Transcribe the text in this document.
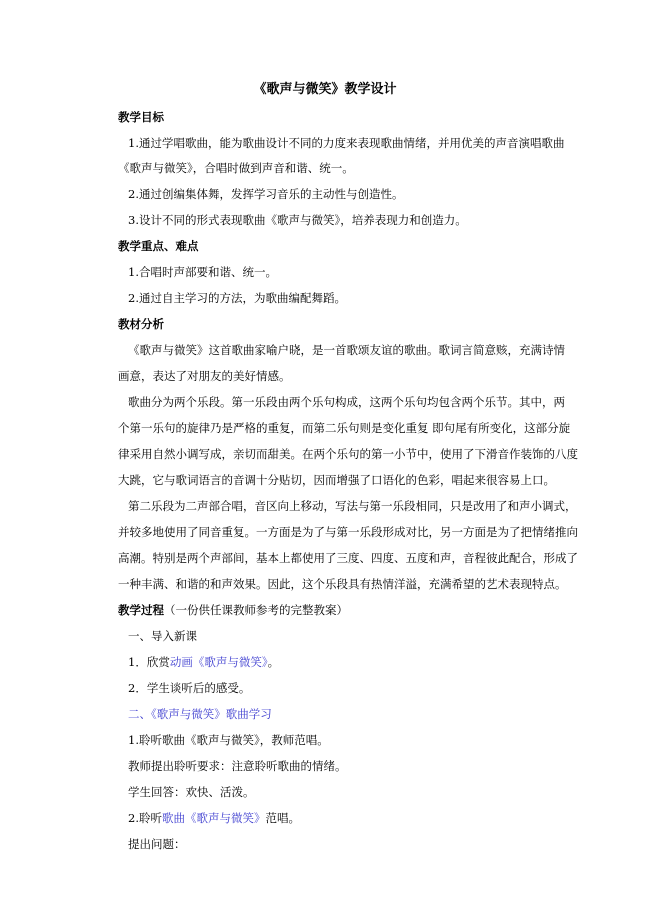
《歌声与微笑》教学设计
教学目标
1.通过学唱歌曲，能为歌曲设计不同的力度来表现歌曲情绪，并用优美的声音演唱歌曲
《歌声与微笑》，合唱时做到声音和谐、统一。
2.通过创编集体舞，发挥学习音乐的主动性与创造性。
3.设计不同的形式表现歌曲《歌声与微笑》，培养表现力和创造力。
教学重点、难点
1.合唱时声部要和谐、统一。
2.通过自主学习的方法，为歌曲编配舞蹈。
教材分析
《歌声与微笑》这首歌曲家喻户晓，是一首歌颂友谊的歌曲。歌词言简意赅，充满诗情
画意，表达了对朋友的美好情感。
歌曲分为两个乐段。第一乐段由两个乐句构成，这两个乐句均包含两个乐节。其中，两
个第一乐句的旋律乃是严格的重复，而第二乐句则是变化重复 即句尾有所变化，这部分旋
律采用自然小调写成，亲切而甜美。在两个乐句的第一小节中，使用了下滑音作装饰的八度
大跳，它与歌词语言的音调十分贴切，因而增强了口语化的色彩，唱起来很容易上口。
第二乐段为二声部合唱，音区向上移动，写法与第一乐段相同，只是改用了和声小调式，
并较多地使用了同音重复。一方面是为了与第一乐段形成对比，另一方面是为了把情绪推向
高潮。特别是两个声部间，基本上都使用了三度、四度、五度和声，音程彼此配合，形成了
一种丰满、和谐的和声效果。因此，这个乐段具有热情洋溢，充满希望的艺术表现特点。
教学过程（一份供任课教师参考的完整教案）
一、导入新课
1．欣赏动画《歌声与微笑》。
2．学生谈听后的感受。
二、《歌声与微笑》歌曲学习
1.聆听歌曲《歌声与微笑》，教师范唱。
教师提出聆听要求：注意聆听歌曲的情绪。
学生回答：欢快、活泼。
2.聆听歌曲《歌声与微笑》范唱。
提出问题：
